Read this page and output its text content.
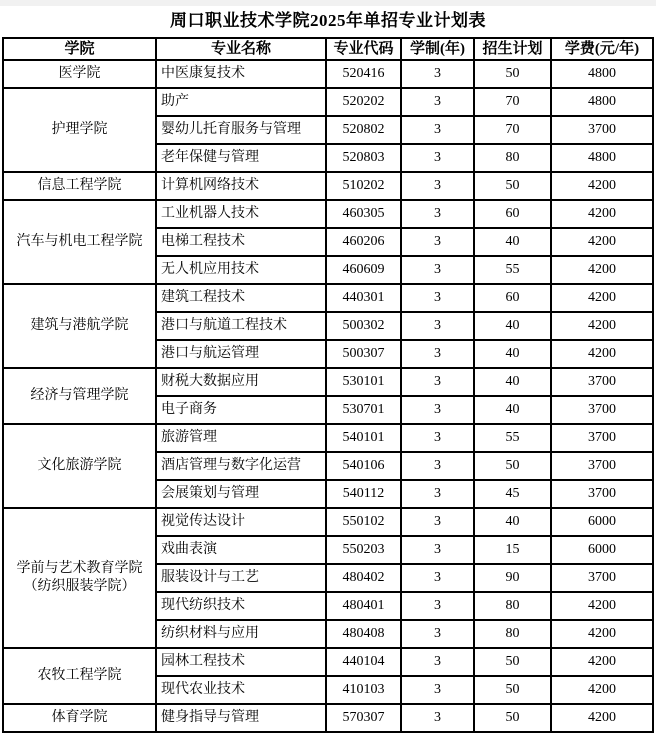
周口职业技术学院2025年单招专业计划表
学院	专业名称	专业代码	学制(年)	招生计划	学费(元/年)
医学院	中医康复技术	520416	3	50	4800
护理学院	助产	520202	3	70	4800
	婴幼儿托育服务与管理	520802	3	70	3700
	老年保健与管理	520803	3	80	4800
信息工程学院	计算机网络技术	510202	3	50	4200
汽车与机电工程学院	工业机器人技术	460305	3	60	4200
	电梯工程技术	460206	3	40	4200
	无人机应用技术	460609	3	55	4200
建筑与港航学院	建筑工程技术	440301	3	60	4200
	港口与航道工程技术	500302	3	40	4200
	港口与航运管理	500307	3	40	4200
经济与管理学院	财税大数据应用	530101	3	40	3700
	电子商务	530701	3	40	3700
文化旅游学院	旅游管理	540101	3	55	3700
	酒店管理与数字化运营	540106	3	50	3700
	会展策划与管理	540112	3	45	3700
学前与艺术教育学院（纺织服装学院）	视觉传达设计	550102	3	40	6000
	戏曲表演	550203	3	15	6000
	服装设计与工艺	480402	3	90	3700
	现代纺织技术	480401	3	80	4200
	纺织材料与应用	480408	3	80	4200
农牧工程学院	园林工程技术	440104	3	50	4200
	现代农业技术	410103	3	50	4200
体育学院	健身指导与管理	570307	3	50	4200
